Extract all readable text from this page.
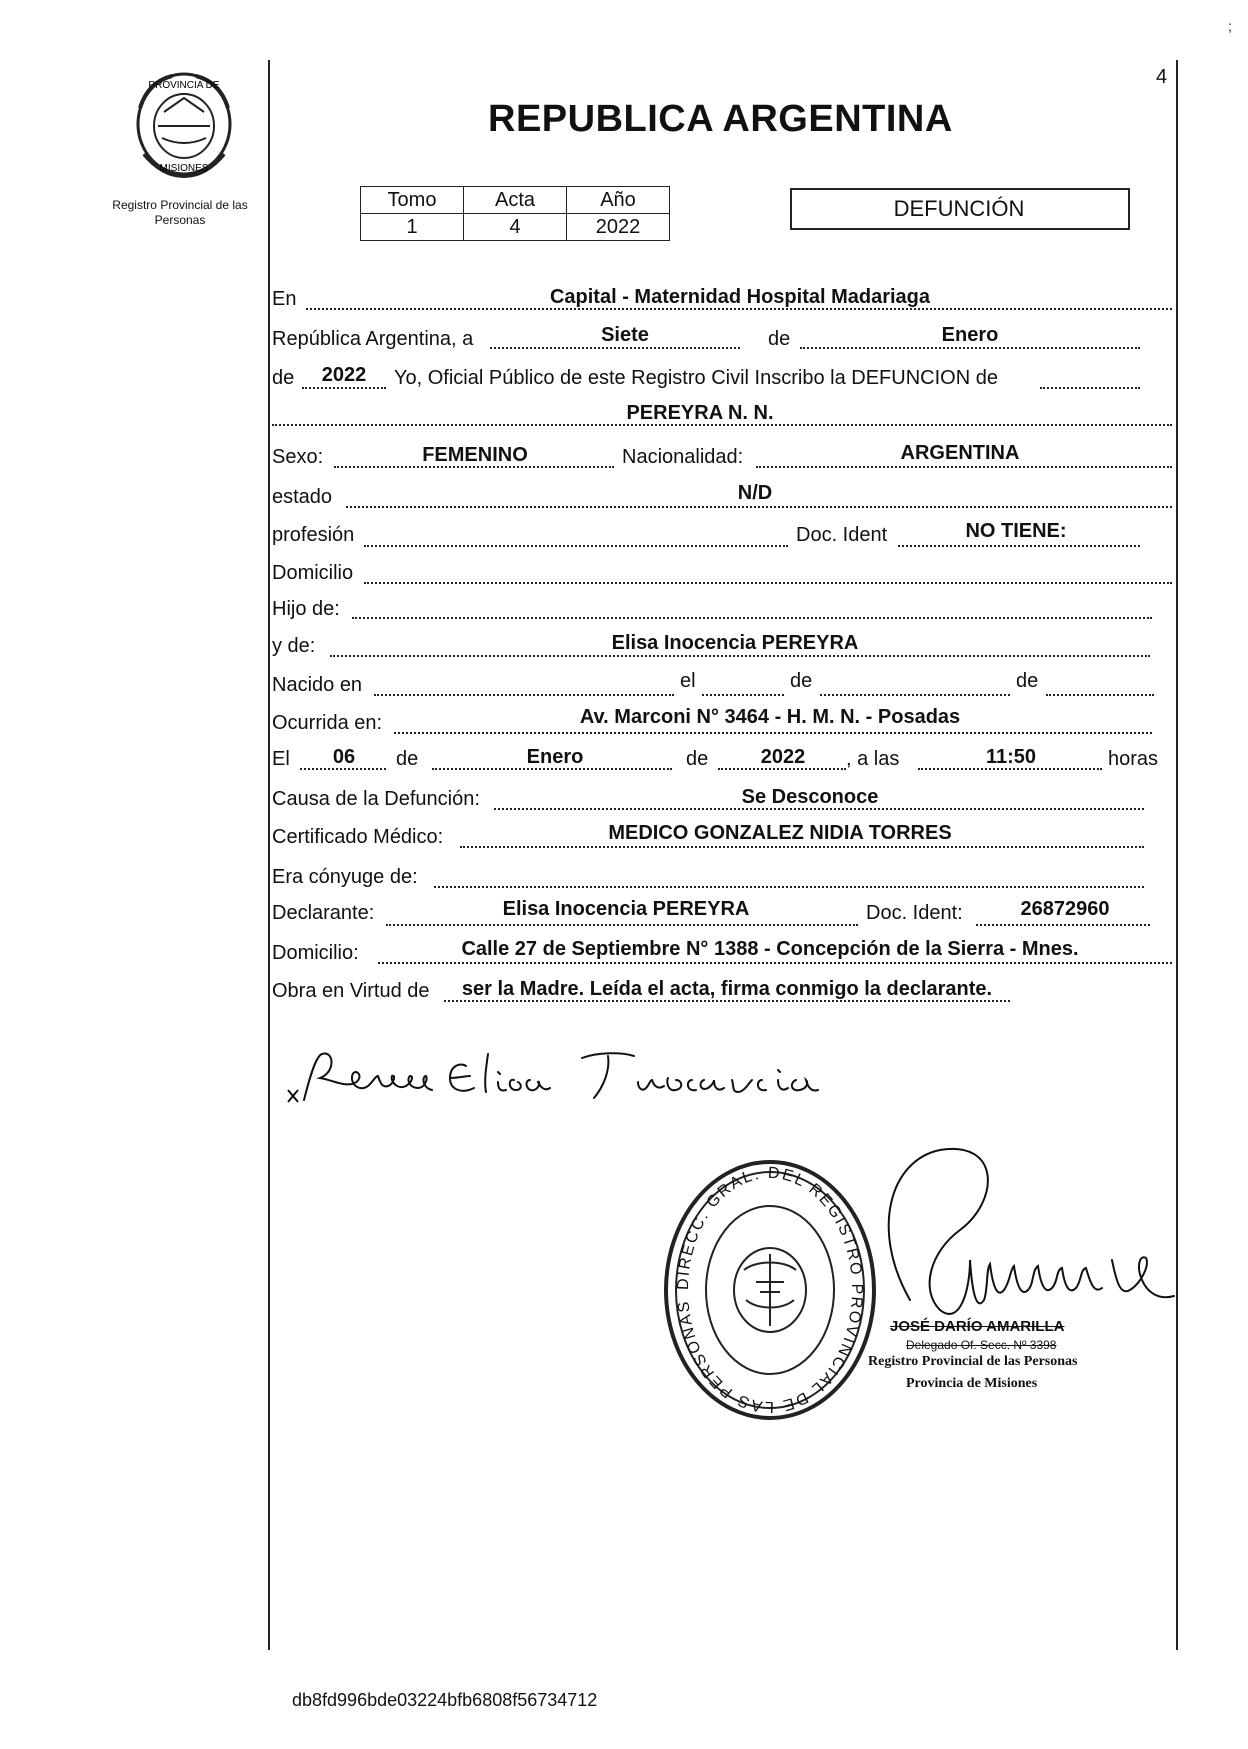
;
4
PROVINCIA DE
MISIONES
Registro Provincial de las Personas
REPUBLICA ARGENTINA
Tomo	Acta	Año
1	4	2022
DEFUNCIÓN
En	Capital - Maternidad Hospital Madariaga
República Argentina, a	Siete	de	Enero
de	2022	Yo, Oficial Público de este Registro Civil Inscribo la DEFUNCION de
PEREYRA N. N.
Sexo:	FEMENINO	Nacionalidad:	ARGENTINA
estado	N/D
profesión	Doc. Ident	NO TIENE:
Domicilio
Hijo de:
y de:	Elisa Inocencia PEREYRA
Nacido en	el	de	de
Ocurrida en:	Av. Marconi N° 3464 - H. M. N. - Posadas
El	06	de	Enero	de	2022	, a las	11:50	horas
Causa de la Defunción:	Se Desconoce
Certificado Médico:	MEDICO GONZALEZ NIDIA TORRES
Era cónyuge de:
Declarante:	Elisa Inocencia PEREYRA	Doc. Ident:	26872960
Domicilio:	Calle 27 de Septiembre N° 1388 - Concepción de la Sierra - Mnes.
Obra en Virtud de	ser la Madre. Leída el acta, firma conmigo la declarante.
DIRECC. GRAL. DEL REGISTRO PROVINCIAL DE LAS PERSONAS
JOSÉ DARÍO AMARILLA
Delegado Of. Secc. Nº 3398
Registro Provincial de las Personas
Provincia de Misiones
db8fd996bde03224bfb6808f56734712
